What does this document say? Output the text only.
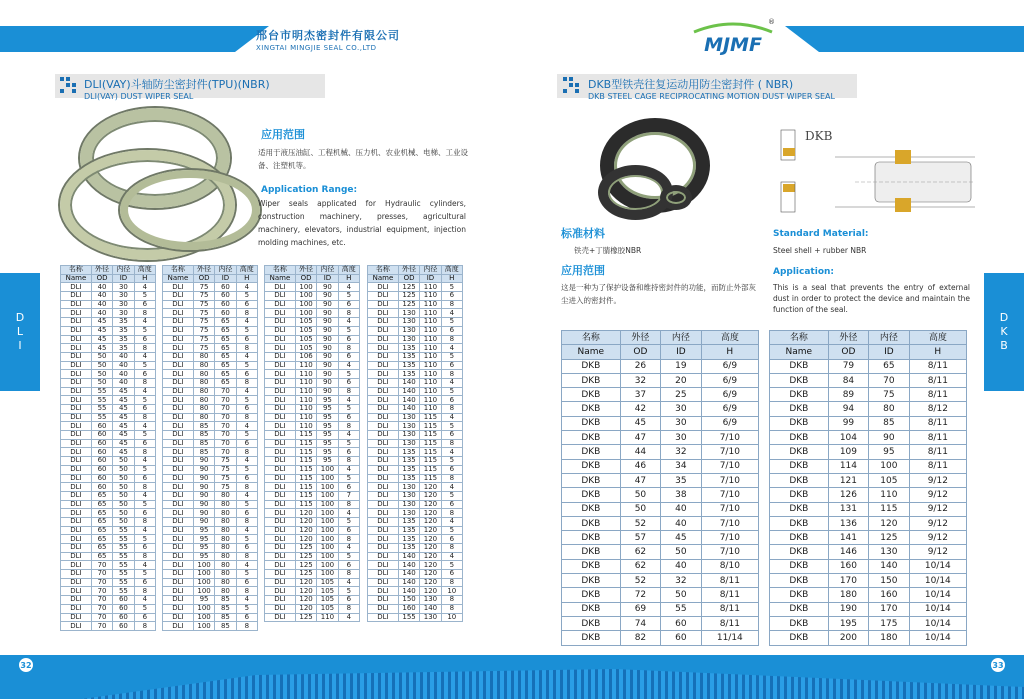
邢台市明杰密封件有限公司
XINGTAI MINGJIE SEAL CO.,LTD	MJMF
®
DLI(VAY)斗轴防尘密封件(TPU)(NBR)
DLI(VAY) DUST WIPER SEAL
应用范围
适用于液压油缸、工程机械、压力机、农业机械、电梯、工业设备、注塑机等。
Application Range:
Wiper seals applicated for Hydraulic cylinders, construction machinery, presses, agricultural machinery, elevators, industrial equipment, injection molding machines, etc.
名称	外径	内径	高度
Name	OD	ID	H
DLI	40	30	4
DLI	40	30	5
DLI	40	30	6
DLI	40	30	8
DLI	45	35	4
DLI	45	35	5
DLI	45	35	6
DLI	45	35	8
DLI	50	40	4
DLI	50	40	5
DLI	50	40	6
DLI	50	40	8
DLI	55	45	4
DLI	55	45	5
DLI	55	45	6
DLI	55	45	8
DLI	60	45	4
DLI	60	45	5
DLI	60	45	6
DLI	60	45	8
DLI	60	50	4
DLI	60	50	5
DLI	60	50	6
DLI	60	50	8
DLI	65	50	4
DLI	65	50	5
DLI	65	50	6
DLI	65	50	8
DLI	65	55	4
DLI	65	55	5
DLI	65	55	6
DLI	65	55	8
DLI	70	55	4
DLI	70	55	5
DLI	70	55	6
DLI	70	55	8
DLI	70	60	4
DLI	70	60	5
DLI	70	60	6
DLI	70	60	8
名称	外径	内径	高度
Name	OD	ID	H
DLI	75	60	4
DLI	75	60	5
DLI	75	60	6
DLI	75	60	8
DLI	75	65	4
DLI	75	65	5
DLI	75	65	6
DLI	75	65	8
DLI	80	65	4
DLI	80	65	5
DLI	80	65	6
DLI	80	65	8
DLI	80	70	4
DLI	80	70	5
DLI	80	70	6
DLI	80	70	8
DLI	85	70	4
DLI	85	70	5
DLI	85	70	6
DLI	85	70	8
DLI	90	75	4
DLI	90	75	5
DLI	90	75	6
DLI	90	75	8
DLI	90	80	4
DLI	90	80	5
DLI	90	80	6
DLI	90	80	8
DLI	95	80	4
DLI	95	80	5
DLI	95	80	6
DLI	95	80	8
DLI	100	80	4
DLI	100	80	5
DLI	100	80	6
DLI	100	80	8
DLI	95	85	4
DLI	100	85	5
DLI	100	85	6
DLI	100	85	8
名称	外径	内径	高度
Name	OD	ID	H
DLI	100	90	4
DLI	100	90	5
DLI	100	90	6
DLI	100	90	8
DLI	105	90	4
DLI	105	90	5
DLI	105	90	6
DLI	105	90	8
DLI	106	90	6
DLI	110	90	4
DLI	110	90	5
DLI	110	90	6
DLI	110	90	8
DLI	110	95	4
DLI	110	95	5
DLI	110	95	6
DLI	110	95	8
DLI	115	95	4
DLI	115	95	5
DLI	115	95	6
DLI	115	95	8
DLI	115	100	4
DLI	115	100	5
DLI	115	100	6
DLI	115	100	7
DLI	115	100	8
DLI	120	100	4
DLI	120	100	5
DLI	120	100	6
DLI	120	100	8
DLI	125	100	4
DLI	125	100	5
DLI	125	100	6
DLI	125	100	8
DLI	120	105	4
DLI	120	105	5
DLI	120	105	6
DLI	120	105	8
DLI	125	110	4
名称	外径	内径	高度
Name	OD	ID	H
DLI	125	110	5
DLI	125	110	6
DLI	125	110	8
DLI	130	110	4
DLI	130	110	5
DLI	130	110	6
DLI	130	110	8
DLI	135	110	4
DLI	135	110	5
DLI	135	110	6
DLI	135	110	8
DLI	140	110	4
DLI	140	110	5
DLI	140	110	6
DLI	140	110	8
DLI	130	115	4
DLI	130	115	5
DLI	130	115	6
DLI	130	115	8
DLI	135	115	4
DLI	135	115	5
DLI	135	115	6
DLI	135	115	8
DLI	130	120	4
DLI	130	120	5
DLI	130	120	6
DLI	130	120	8
DLI	135	120	4
DLI	135	120	5
DLI	135	120	6
DLI	135	120	8
DLI	140	120	4
DLI	140	120	5
DLI	140	120	6
DLI	140	120	8
DLI	140	120	10
DLI	150	130	8
DLI	160	140	8
DLI	155	130	10
D
L
I
DKB型铁壳往复运动用防尘密封件 ( NBR)
DKB STEEL CAGE RECIPROCATING MOTION DUST WIPER SEAL
DKB
标准材料
铁壳+丁腈橡胶NBR
Standard Material:
Steel shell + rubber NBR
应用范围
这是一种为了保护设备和维持密封件的功能，而防止外部灰尘进入的密封件。
Application:
This is a seal that prevents the entry of external dust in order to protect the device and maintain the function of the seal.
名称	外径	内径	高度
Name	OD	ID	H
DKB	26	19	6/9
DKB	32	20	6/9
DKB	37	25	6/9
DKB	42	30	6/9
DKB	45	30	6/9
DKB	47	30	7/10
DKB	44	32	7/10
DKB	46	34	7/10
DKB	47	35	7/10
DKB	50	38	7/10
DKB	50	40	7/10
DKB	52	40	7/10
DKB	57	45	7/10
DKB	62	50	7/10
DKB	62	40	8/10
DKB	52	32	8/11
DKB	72	50	8/11
DKB	69	55	8/11
DKB	74	60	8/11
DKB	82	60	11/14
名称	外径	内径	高度
Name	OD	ID	H
DKB	79	65	8/11
DKB	84	70	8/11
DKB	89	75	8/11
DKB	94	80	8/12
DKB	99	85	8/11
DKB	104	90	8/11
DKB	109	95	8/11
DKB	114	100	8/11
DKB	121	105	9/12
DKB	126	110	9/12
DKB	131	115	9/12
DKB	136	120	9/12
DKB	141	125	9/12
DKB	146	130	9/12
DKB	160	140	10/14
DKB	170	150	10/14
DKB	180	160	10/14
DKB	190	170	10/14
DKB	195	175	10/14
DKB	200	180	10/14
D
K
B
32	33
